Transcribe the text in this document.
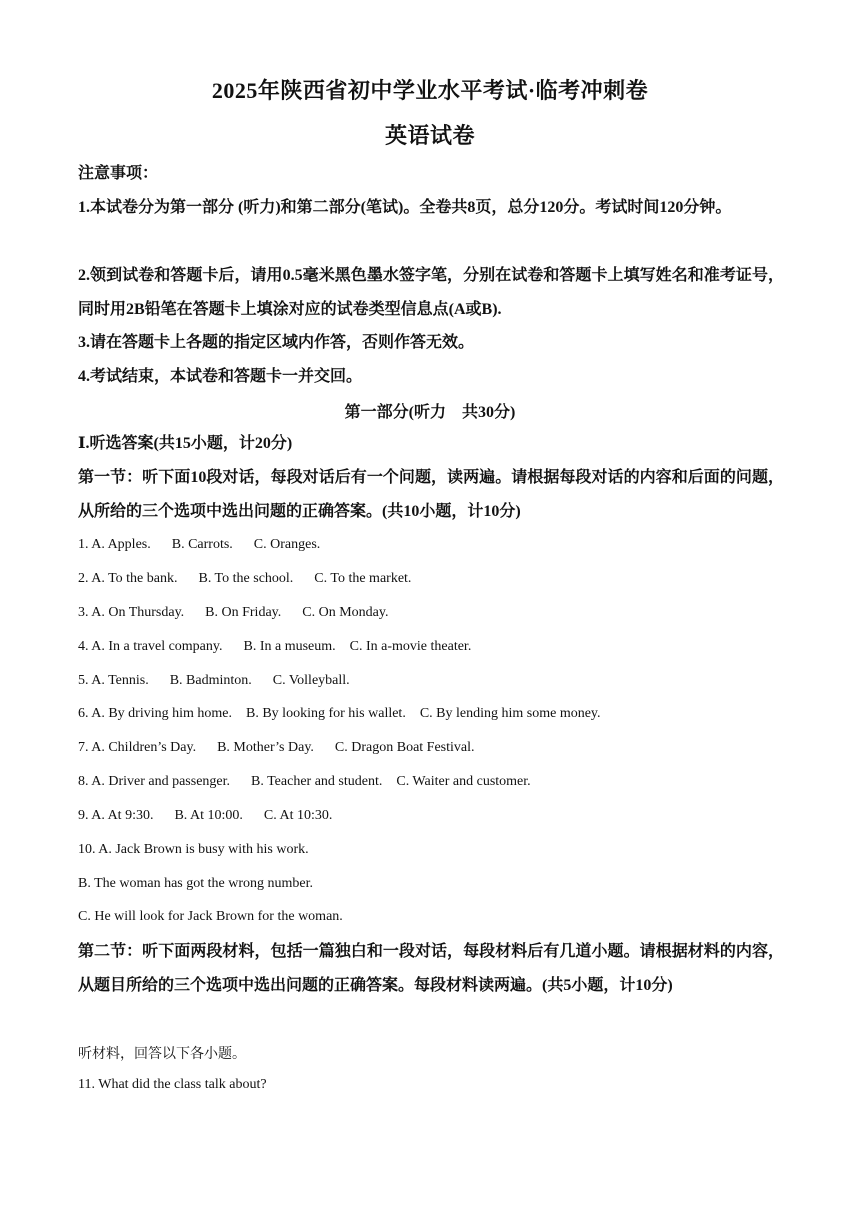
2025年陕西省初中学业水平考试·临考冲刺卷
英语试卷
注意事项：
1.本试卷分为第一部分 (听力)和第二部分(笔试)。全卷共8页，总分120分。考试时间120分钟。
2.领到试卷和答题卡后，请用0.5毫米黑色墨水签字笔，分别在试卷和答题卡上填写姓名和准考证号，同时用2B铅笔在答题卡上填涂对应的试卷类型信息点(A或B).
3.请在答题卡上各题的指定区域内作答，否则作答无效。
4.考试结束，本试卷和答题卡一并交回。
第一部分(听力　共30分)
Ⅰ.听选答案(共15小题，计20分)
第一节：听下面10段对话，每段对话后有一个问题，读两遍。请根据每段对话的内容和后面的问题，从所给的三个选项中选出问题的正确答案。(共10小题，计10分)
1. A. Apples.      B. Carrots.      C. Oranges.
2. A. To the bank.      B. To the school.      C. To the market.
3. A. On Thursday.      B. On Friday.      C. On Monday.
4. A. In a travel company.      B. In a museum.    C. In a-movie theater.
5. A. Tennis.      B. Badminton.      C. Volleyball.
6. A. By driving him home.    B. By looking for his wallet.    C. By lending him some money.
7. A. Children’s Day.      B. Mother’s Day.      C. Dragon Boat Festival.
8. A. Driver and passenger.      B. Teacher and student.    C. Waiter and customer.
9. A. At 9:30.      B. At 10:00.      C. At 10:30.
10. A. Jack Brown is busy with his work.
B. The woman has got the wrong number.
C. He will look for Jack Brown for the woman.
第二节：听下面两段材料，包括一篇独白和一段对话，每段材料后有几道小题。请根据材料的内容，从题目所给的三个选项中选出问题的正确答案。每段材料读两遍。(共5小题，计10分)
听材料，回答以下各小题。
11. What did the class talk about?
